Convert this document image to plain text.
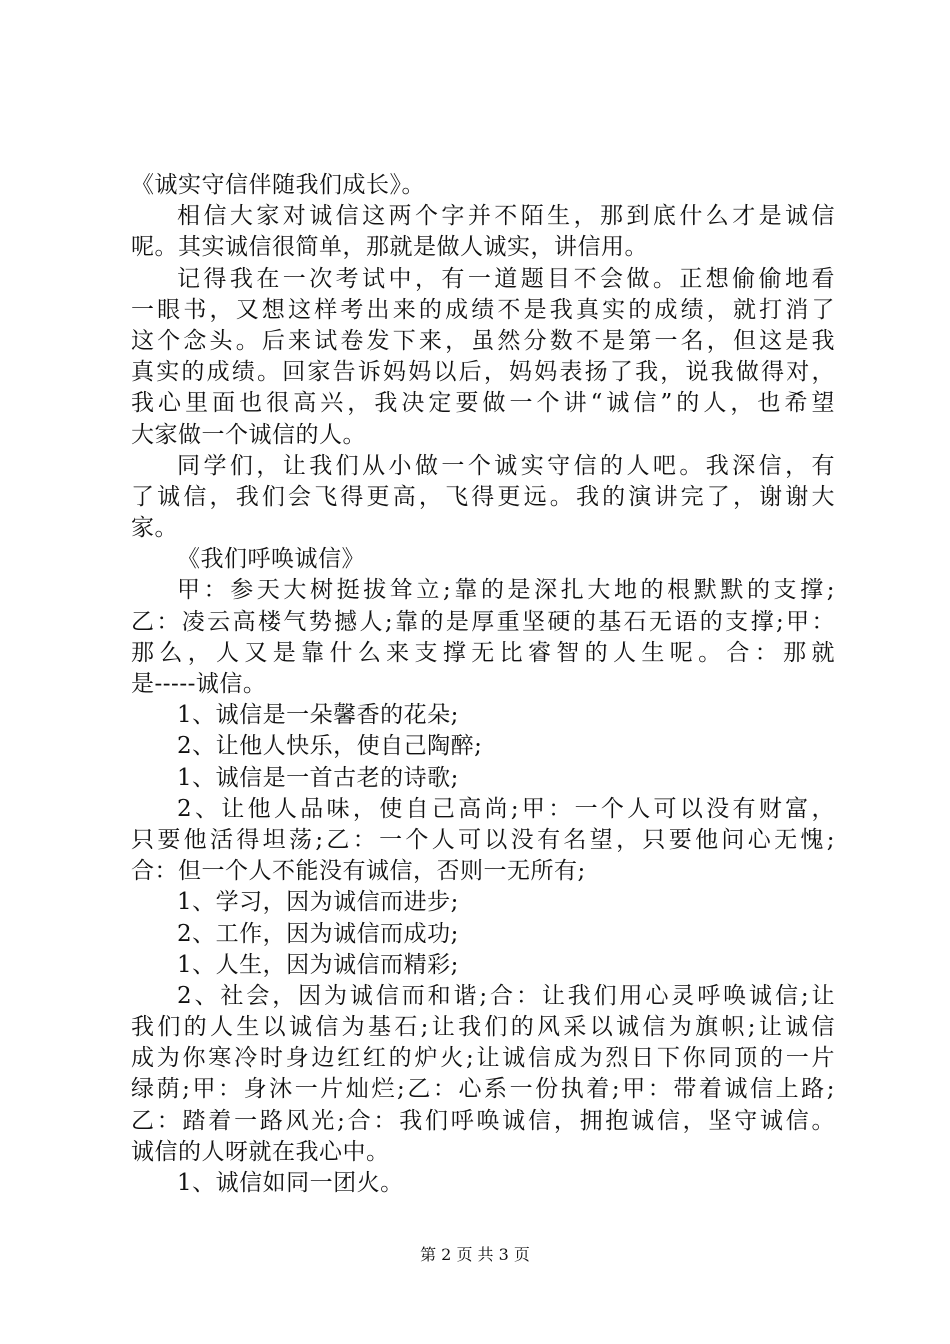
《诚实守信伴随我们成长》。
相信大家对诚信这两个字并不陌生，那到底什么才是诚信
呢。其实诚信很简单，那就是做人诚实，讲信用。
记得我在一次考试中，有一道题目不会做。正想偷偷地看
一眼书，又想这样考出来的成绩不是我真实的成绩，就打消了
这个念头。后来试卷发下来，虽然分数不是第一名，但这是我
真实的成绩。回家告诉妈妈以后，妈妈表扬了我，说我做得对，
我心里面也很高兴，我决定要做一个讲“诚信”的人，也希望
大家做一个诚信的人。
同学们，让我们从小做一个诚实守信的人吧。我深信，有
了诚信，我们会飞得更高，飞得更远。我的演讲完了，谢谢大
家。
《我们呼唤诚信》
甲：参天大树挺拔耸立;靠的是深扎大地的根默默的支撑;
乙：凌云高楼气势撼人;靠的是厚重坚硬的基石无语的支撑;甲：
那么，人又是靠什么来支撑无比睿智的人生呢。合：那就
是-----诚信。
1、诚信是一朵馨香的花朵;
2、让他人快乐，使自己陶醉;
1、诚信是一首古老的诗歌;
2、让他人品味，使自己高尚;甲：一个人可以没有财富，
只要他活得坦荡;乙：一个人可以没有名望，只要他问心无愧;
合：但一个人不能没有诚信，否则一无所有;
1、学习，因为诚信而进步;
2、工作，因为诚信而成功;
1、人生，因为诚信而精彩;
2、社会，因为诚信而和谐;合：让我们用心灵呼唤诚信;让
我们的人生以诚信为基石;让我们的风采以诚信为旗帜;让诚信
成为你寒冷时身边红红的炉火;让诚信成为烈日下你同顶的一片
绿荫;甲：身沐一片灿烂;乙：心系一份执着;甲：带着诚信上路;
乙：踏着一路风光;合：我们呼唤诚信，拥抱诚信，坚守诚信。
诚信的人呀就在我心中。
1、诚信如同一团火。
第 2 页 共 3 页
